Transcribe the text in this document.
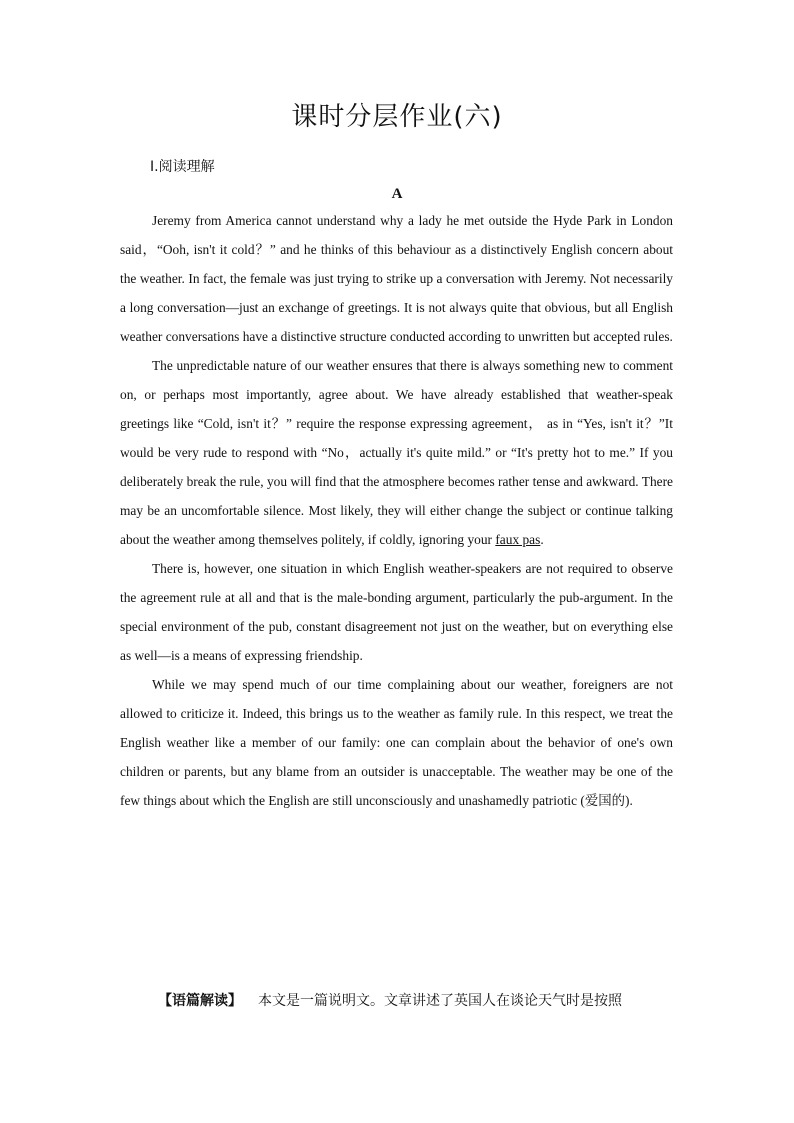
课时分层作业(六)
Ⅰ.阅读理解
A

Jeremy from America cannot understand why a lady he met outside the Hyde Park in London said，“Ooh, isn't it cold？” and he thinks of this behaviour as a distinctively English concern about the weather. In fact, the female was just trying to strike up a conversation with Jeremy. Not necessarily a long conversation—just an exchange of greetings. It is not always quite that obvious, but all English weather conversations have a distinctive structure conducted according to unwritten but accepted rules.

The unpredictable nature of our weather ensures that there is always something new to comment on, or perhaps most importantly, agree about. We have already established that weather-speak greetings like “Cold, isn't it？” require the response expressing agreement， as in “Yes, isn't it？”It would be very rude to respond with “No，actually it's quite mild.” or “It's pretty hot to me.” If you deliberately break the rule, you will find that the atmosphere becomes rather tense and awkward. There may be an uncomfortable silence. Most likely, they will either change the subject or continue talking about the weather among themselves politely, if coldly, ignoring your faux pas.

There is, however, one situation in which English weather-speakers are not required to observe the agreement rule at all and that is the male-bonding argument, particularly the pub-argument. In the special environment of the pub, constant disagreement not just on the weather, but on everything else as well—is a means of expressing friendship.

While we may spend much of our time complaining about our weather, foreigners are not allowed to criticize it. Indeed, this brings us to the weather as family rule. In this respect, we treat the English weather like a member of our family: one can complain about the behavior of one's own children or parents, but any blame from an outsider is unacceptable. The weather may be one of the few things about which the English are still unconsciously and unashamedly patriotic (爱国的).

【语篇解读】 本文是一篇说明文。文章讲述了英国人在谈论天气时是按照
